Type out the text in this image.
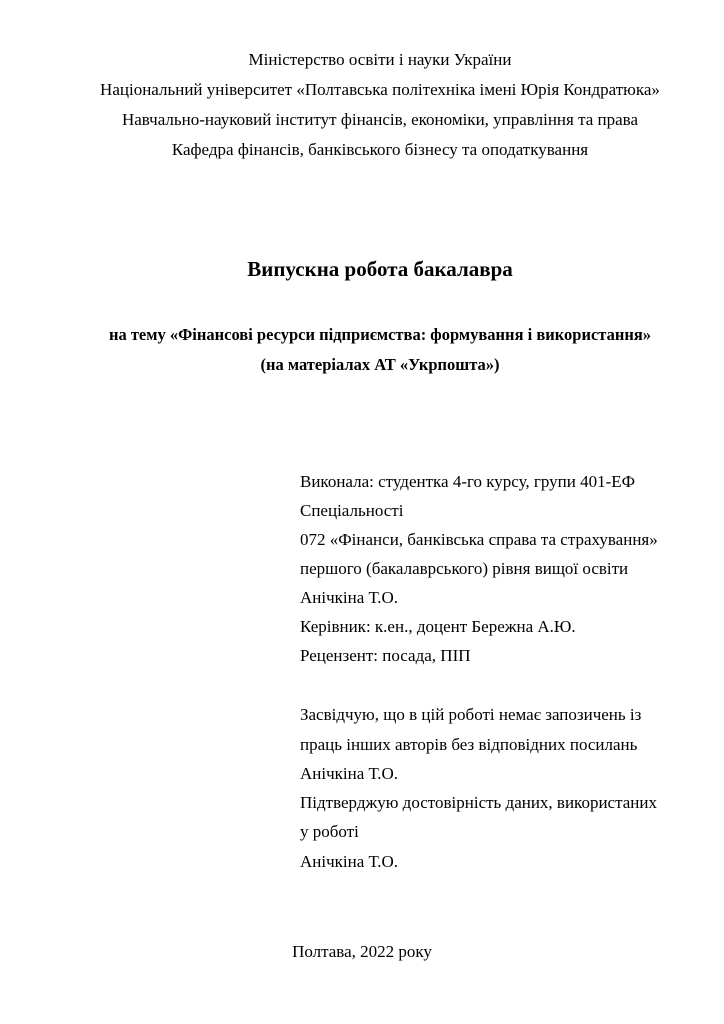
Міністерство освіти і науки України
Національний університет «Полтавська політехніка імені Юрія Кондратюка»
Навчально-науковий інститут фінансів, економіки, управління та права
Кафедра фінансів, банківського бізнесу та оподаткування
Випускна робота бакалавра
на тему «Фінансові ресурси підприємства: формування і використання»
(на матеріалах АТ «Укрпошта»)
Виконала: студентка 4-го курсу, групи 401-ЕФ
Спеціальності
072 «Фінанси, банківська справа та страхування»
першого (бакалаврського) рівня вищої освіти
Анічкіна Т.О.
Керівник: к.ен., доцент Бережна А.Ю.
Рецензент: посада, ПІП
Засвідчую, що в цій роботі немає запозичень із
праць інших авторів без відповідних посилань
Анічкіна Т.О.
Підтверджую достовірність даних, використаних
у роботі
Анічкіна Т.О.
Полтава, 2022 року
